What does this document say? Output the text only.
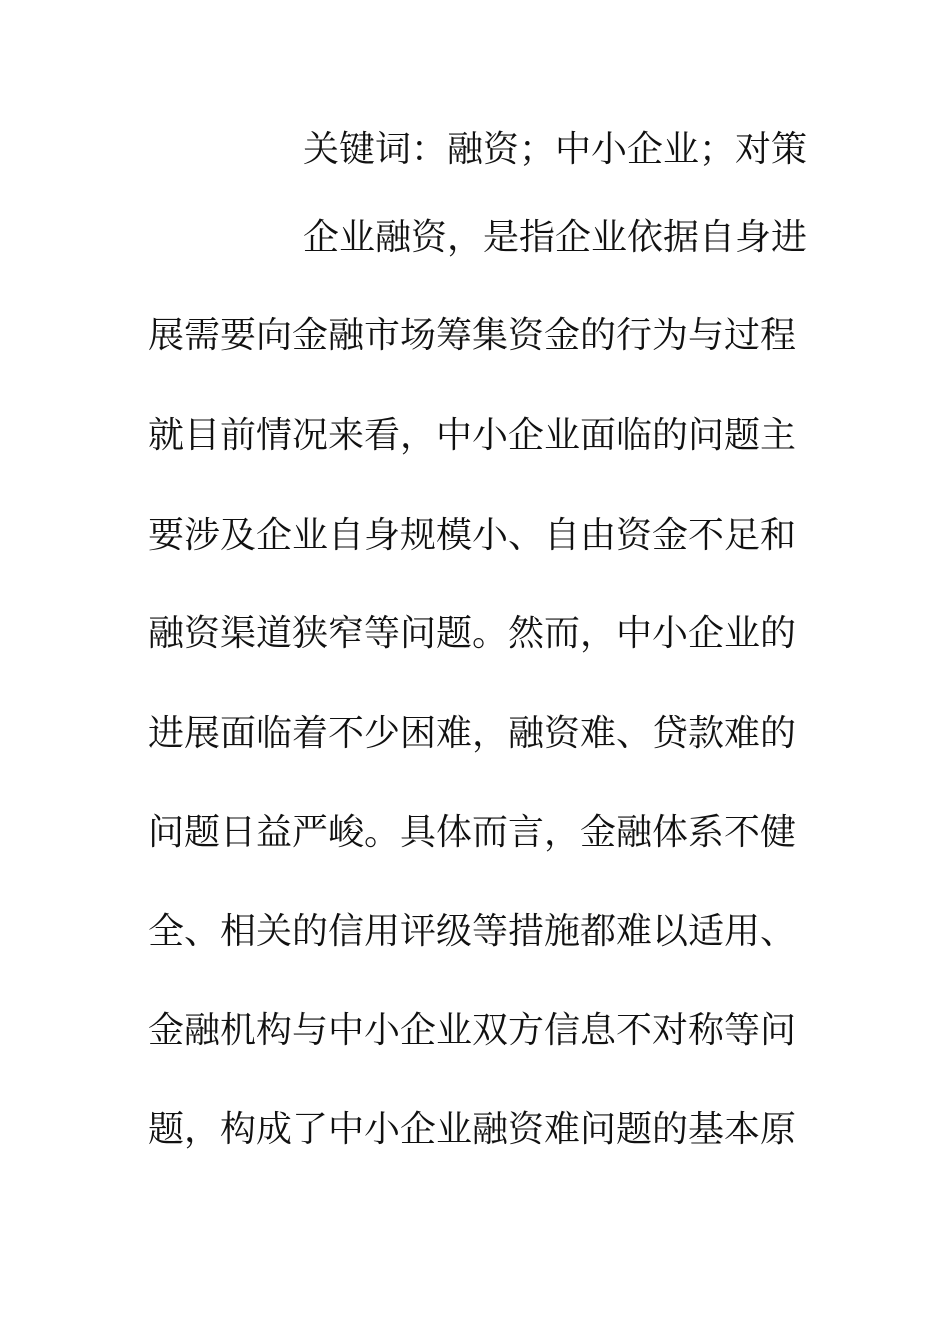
关键词：融资；中小企业；对策
企业融资，是指企业依据自身进
展需要向金融市场筹集资金的行为与过程
就目前情况来看，中小企业面临的问题主
要涉及企业自身规模小、自由资金不足和
融资渠道狭窄等问题。然而，中小企业的
进展面临着不少困难，融资难、贷款难的
问题日益严峻。具体而言，金融体系不健
全、相关的信用评级等措施都难以适用、
金融机构与中小企业双方信息不对称等问
题，构成了中小企业融资难问题的基本原
